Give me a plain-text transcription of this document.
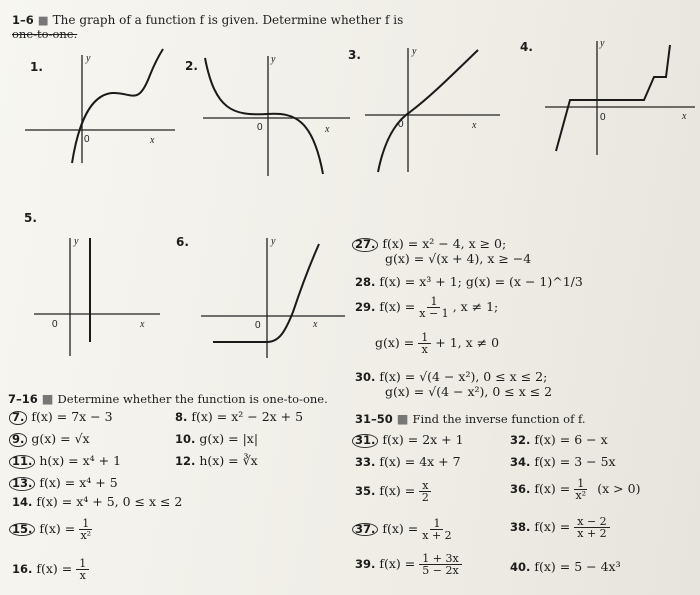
1–6 ■ The graph of a function f is given. Determine whether f is
one-to-one.
1.	2.
3.
4.
5.
6.
y
x
0
y
x
0
y
x
0
y
x
0
y
x
0
y
x
0
27. f(x) = x² − 4, x ≥ 0;
g(x) = √(x + 4), x ≥ −4
28. f(x) = x³ + 1; g(x) = (x − 1)^1/3
29. $f(x) = \frac{1}{x - 1}$ , x ≠ 1;
$g(x) = \frac{1}{x} + 1$, x ≠ 0
30. f(x) = √(4 − x²), 0 ≤ x ≤ 2;
g(x) = √(4 − x²), 0 ≤ x ≤ 2
7–16 ■ Determine whether the function is one-to-one.
7. f(x) = 7x − 3	8. f(x) = x² − 2x + 5
9. g(x) = √x	10. g(x) = |x|
11. h(x) = x⁴ + 1	12. h(x) = ∛x
13. f(x) = x⁴ + 5
14. f(x) = x⁴ + 5, 0 ≤ x ≤ 2
15. $f(x) = \frac{1}{\text{x²}}$
16. $f(x) = \frac{1}{x}$
31–50 ■ Find the inverse function of f.
31. f(x) = 2x + 1	32. f(x) = 6 − x
33. f(x) = 4x + 7	34. f(x) = 3 − 5x
35. $f(x) = \frac{x}{2}$	36. $f(x) = \frac{1}{\text{x²}} (x > 0)$
37. $f(x) = \frac{1}{x + 2}$	38. $f(x) = \frac{x - 2}{x + 2}$
39. $f(x) = \frac{1 + 3x}{5 - 2x}$	40. f(x) = 5 − 4x³
